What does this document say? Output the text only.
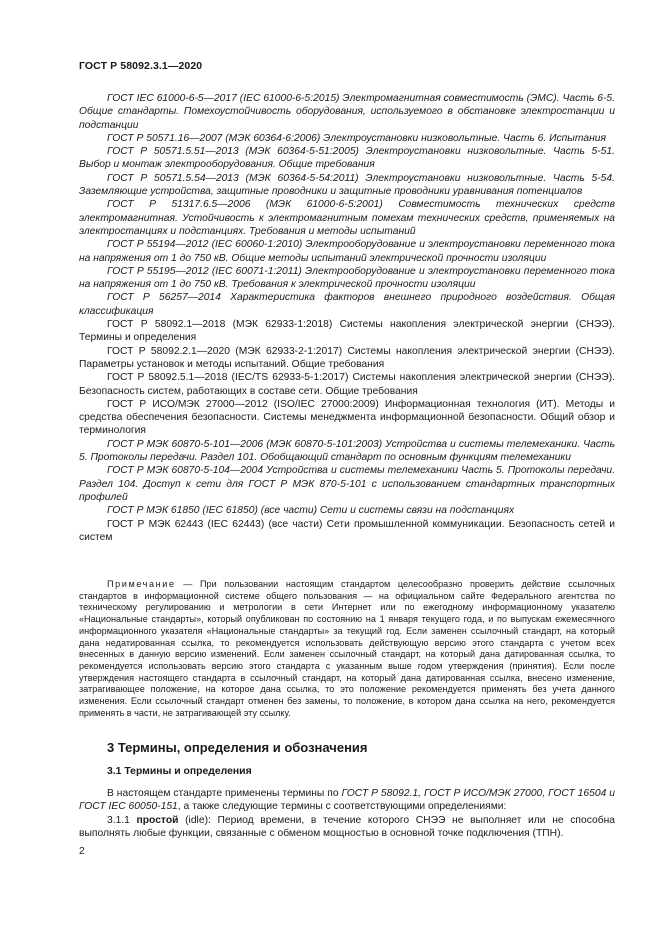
ГОСТ Р 58092.3.1—2020

ГОСТ IEC 61000-6-5—2017 (IEC 61000-6-5:2015) Электромагнитная совместимость (ЭМС). Часть 6-5. Общие стандарты. Помехоустойчивость оборудования, используемого в обстановке электростанции и подстанции

ГОСТ Р 50571.16—2007 (МЭК 60364-6:2006) Электроустановки низковольтные. Часть 6. Испытания

ГОСТ Р 50571.5.51—2013 (МЭК 60364-5-51:2005) Электроустановки низковольтные. Часть 5-51. Выбор и монтаж электрооборудования. Общие требования

ГОСТ Р 50571.5.54—2013 (МЭК 60364-5-54:2011) Электроустановки низковольтные. Часть 5-54. Заземляющие устройства, защитные проводники и защитные проводники уравнивания потенциалов

ГОСТ Р 51317.6.5—2006 (МЭК 61000-6-5:2001) Совместимость технических средств электромагнитная. Устойчивость к электромагнитным помехам технических средств, применяемых на электростанциях и подстанциях. Требования и методы испытаний

ГОСТ Р 55194—2012 (IEC 60060-1:2010) Электрооборудование и электроустановки переменного тока на напряжения от 1 до 750 кВ. Общие методы испытаний электрической прочности изоляции

ГОСТ Р 55195—2012 (IEC 60071-1:2011) Электрооборудование и электроустановки переменного тока на напряжения от 1 до 750 кВ. Требования к электрической прочности изоляции

ГОСТ Р 56257—2014 Характеристика факторов внешнего природного воздействия. Общая классификация

ГОСТ Р 58092.1—2018 (МЭК 62933-1:2018) Системы накопления электрической энергии (СНЭЭ). Термины и определения

ГОСТ Р 58092.2.1—2020 (МЭК 62933-2-1:2017) Системы накопления электрической энергии (СНЭЭ). Параметры установок и методы испытаний. Общие требования

ГОСТ Р 58092.5.1—2018 (IEC/TS 62933-5-1:2017) Системы накопления электрической энергии (СНЭЭ). Безопасность систем, работающих в составе сети. Общие требования

ГОСТ Р ИСО/МЭК 27000—2012 (ISO/IEC 27000:2009) Информационная технология (ИТ). Методы и средства обеспечения безопасности. Системы менеджмента информационной безопасности. Общий обзор и терминология

ГОСТ Р МЭК 60870-5-101—2006 (МЭК 60870-5-101:2003) Устройства и системы телемеханики. Часть 5. Протоколы передачи. Раздел 101. Обобщающий стандарт по основным функциям телемеханики

ГОСТ Р МЭК 60870-5-104—2004 Устройства и системы телемеханики Часть 5. Протоколы передачи. Раздел 104. Доступ к сети для ГОСТ Р МЭК 870-5-101 с использованием стандартных транспортных профилей

ГОСТ Р МЭК 61850 (IEC 61850) (все части) Сети и системы связи на подстанциях

ГОСТ Р МЭК 62443 (IEC 62443) (все части) Сети промышленной коммуникации. Безопасность сетей и систем

Примечание — При пользовании настоящим стандартом целесообразно проверить действие ссылочных стандартов в информационной системе общего пользования — на официальном сайте Федерального агентства по техническому регулированию и метрологии в сети Интернет или по ежегодному информационному указателю «Национальные стандарты», который опубликован по состоянию на 1 января текущего года, и по выпускам ежемесячного информационного указателя «Национальные стандарты» за текущий год. Если заменен ссылочный стандарт, на который дана недатированная ссылка, то рекомендуется использовать действующую версию этого стандарта с учетом всех внесенных в данную версию изменений. Если заменен ссылочный стандарт, на который дана датированная ссылка, то рекомендуется использовать версию этого стандарта с указанным выше годом утверждения (принятия). Если после утверждения настоящего стандарта в ссылочный стандарт, на который дана датированная ссылка, внесено изменение, затрагивающее положение, на которое дана ссылка, то это положение рекомендуется применять без учета данного изменения. Если ссылочный стандарт отменен без замены, то положение, в котором дана ссылка на него, рекомендуется применять в части, не затрагивающей эту ссылку.

3 Термины, определения и обозначения
3.1 Термины и определения

В настоящем стандарте применены термины по ГОСТ Р 58092.1, ГОСТ Р ИСО/МЭК 27000, ГОСТ 16504 и ГОСТ IEC 60050-151, а также следующие термины с соответствующими определениями:

3.1.1 простой (idle): Период времени, в течение которого СНЭЭ не выполняет или не способна выполнять любые функции, связанные с обменом мощностью в основной точке подключения (ТПН).

2
